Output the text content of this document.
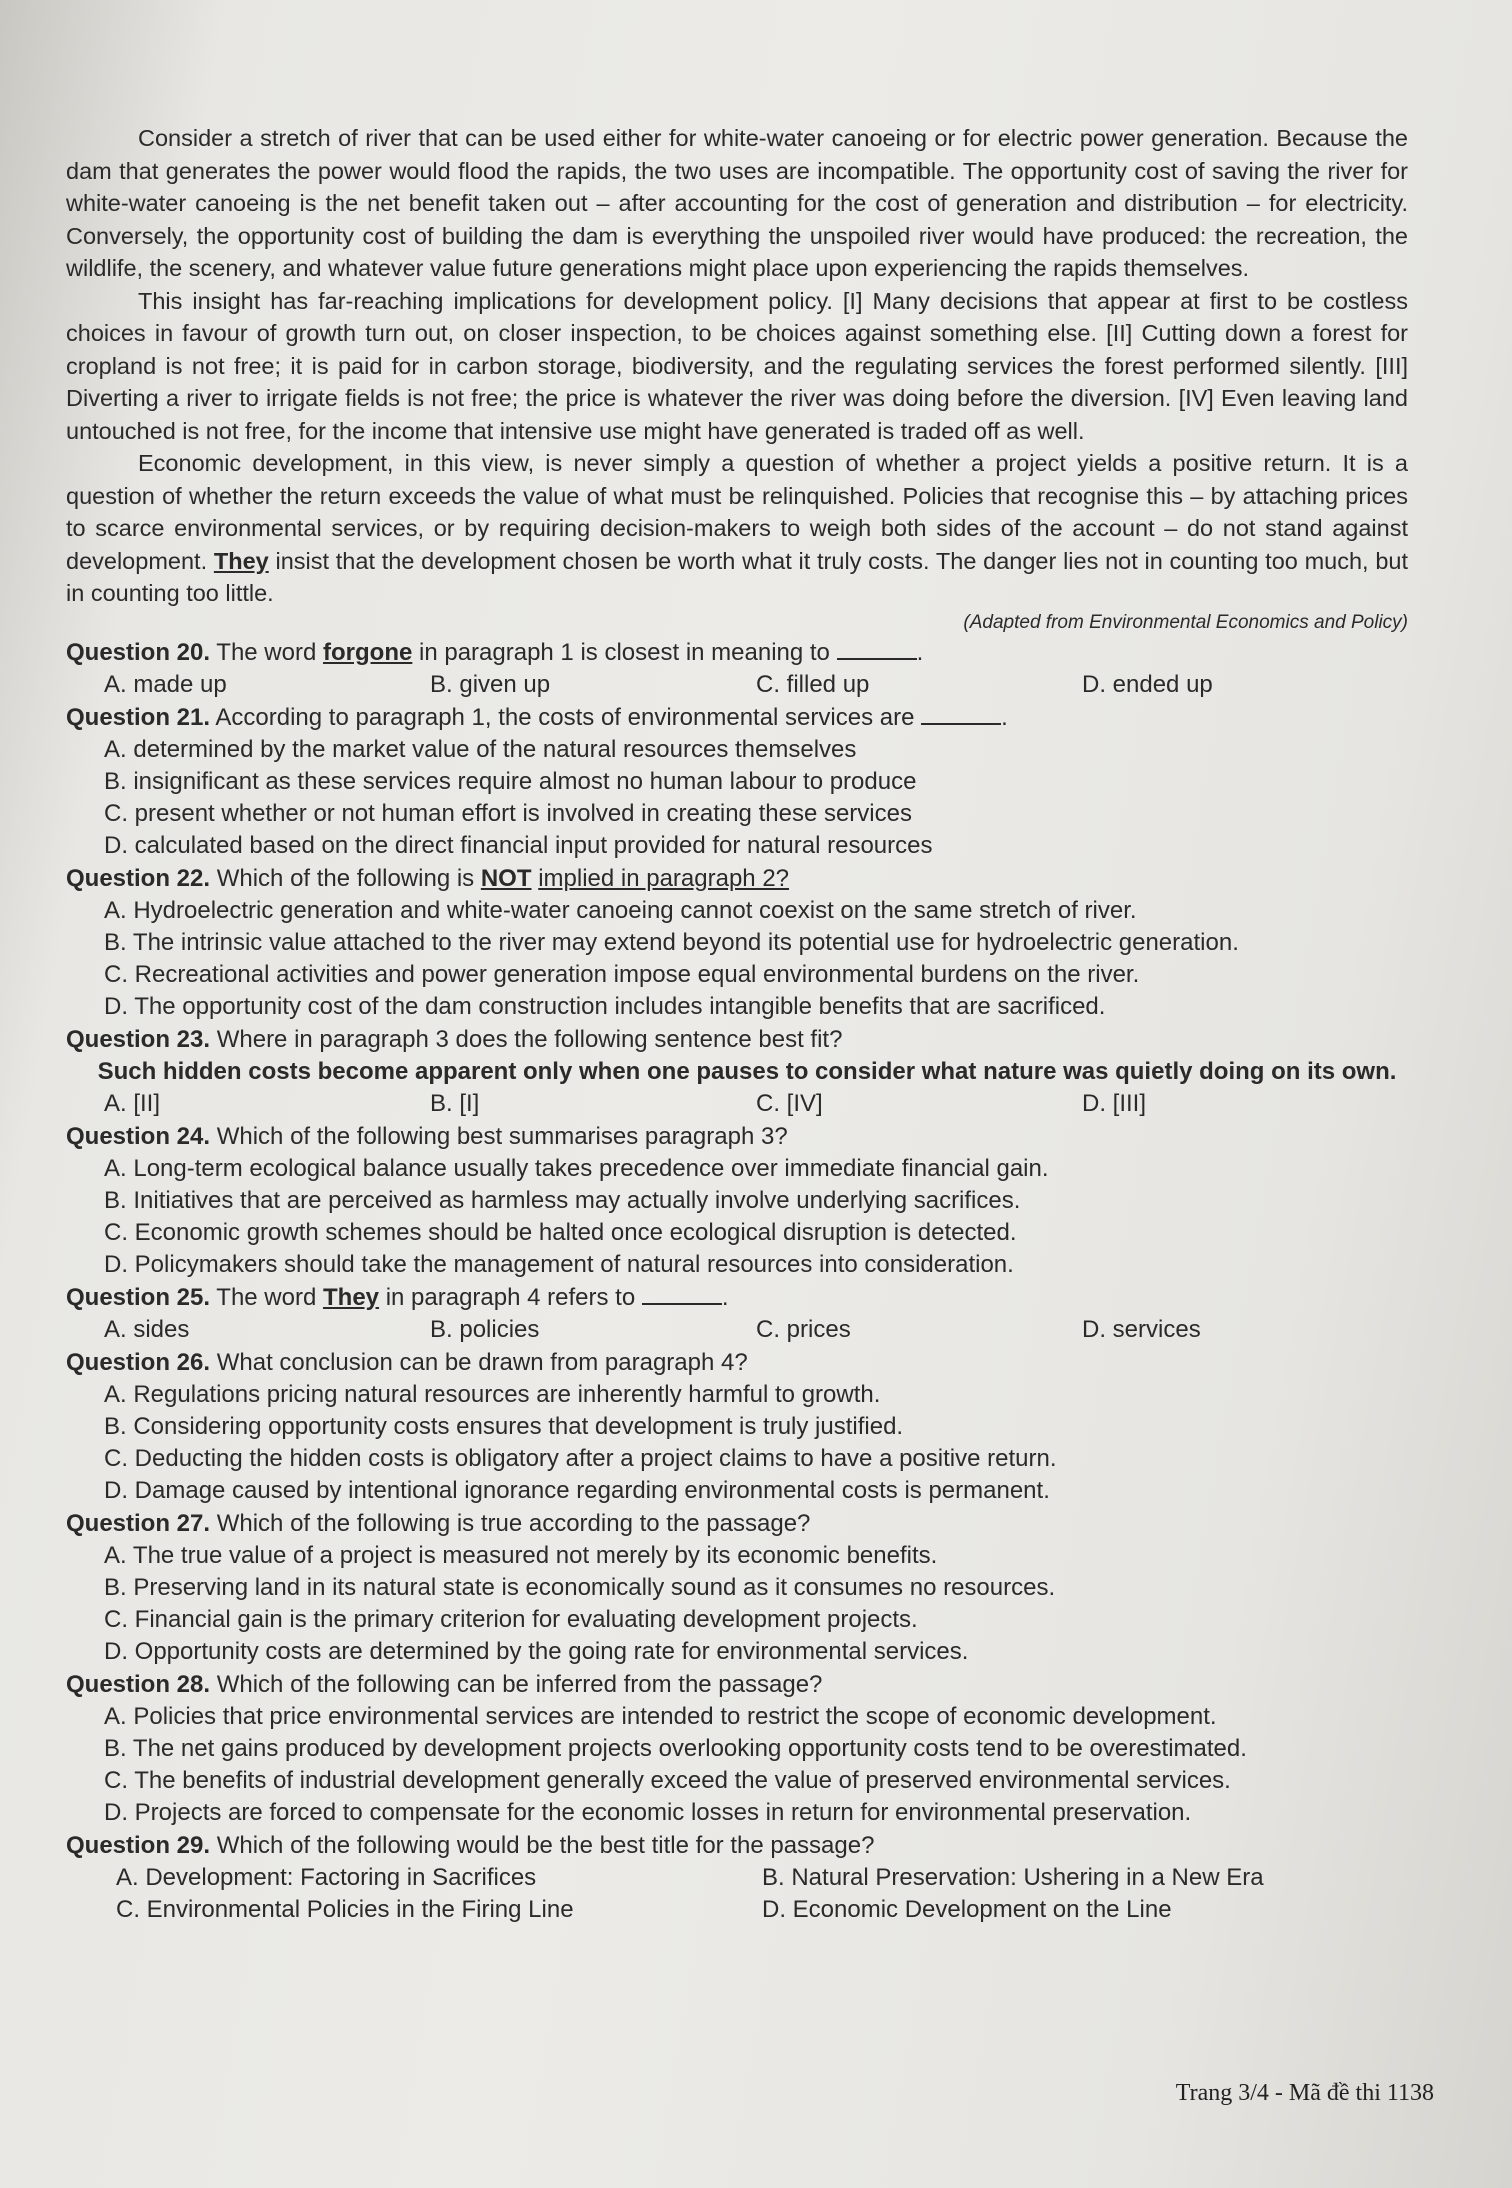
Consider a stretch of river that can be used either for white-water canoeing or for electric power generation. Because the dam that generates the power would flood the rapids, the two uses are incompatible. The opportunity cost of saving the river for white-water canoeing is the net benefit taken out – after accounting for the cost of generation and distribution – for electricity. Conversely, the opportunity cost of building the dam is everything the unspoiled river would have produced: the recreation, the wildlife, the scenery, and whatever value future generations might place upon experiencing the rapids themselves.

This insight has far-reaching implications for development policy. [I] Many decisions that appear at first to be costless choices in favour of growth turn out, on closer inspection, to be choices against something else. [II] Cutting down a forest for cropland is not free; it is paid for in carbon storage, biodiversity, and the regulating services the forest performed silently. [III] Diverting a river to irrigate fields is not free; the price is whatever the river was doing before the diversion. [IV] Even leaving land untouched is not free, for the income that intensive use might have generated is traded off as well.

Economic development, in this view, is never simply a question of whether a project yields a positive return. It is a question of whether the return exceeds the value of what must be relinquished. Policies that recognise this – by attaching prices to scarce environmental services, or by requiring decision-makers to weigh both sides of the account – do not stand against development. They insist that the development chosen be worth what it truly costs. The danger lies not in counting too much, but in counting too little.

(Adapted from Environmental Economics and Policy)

Question 20. The word forgone in paragraph 1 is closest in meaning to	.

A. made up	B. given up	C. filled up	D. ended up

Question 21. According to paragraph 1, the costs of environmental services are	.

A. determined by the market value of the natural resources themselves

B. insignificant as these services require almost no human labour to produce

C. present whether or not human effort is involved in creating these services

D. calculated based on the direct financial input provided for natural resources

Question 22. Which of the following is NOT implied in paragraph 2?

A. Hydroelectric generation and white-water canoeing cannot coexist on the same stretch of river.

B. The intrinsic value attached to the river may extend beyond its potential use for hydroelectric generation.

C. Recreational activities and power generation impose equal environmental burdens on the river.

D. The opportunity cost of the dam construction includes intangible benefits that are sacrificed.

Question 23. Where in paragraph 3 does the following sentence best fit?

Such hidden costs become apparent only when one pauses to consider what nature was quietly doing on its own.

A. [II]	B. [I]	C. [IV]	D. [III]

Question 24. Which of the following best summarises paragraph 3?

A. Long-term ecological balance usually takes precedence over immediate financial gain.

B. Initiatives that are perceived as harmless may actually involve underlying sacrifices.

C. Economic growth schemes should be halted once ecological disruption is detected.

D. Policymakers should take the management of natural resources into consideration.

Question 25. The word They in paragraph 4 refers to	.

A. sides	B. policies	C. prices	D. services

Question 26. What conclusion can be drawn from paragraph 4?

A. Regulations pricing natural resources are inherently harmful to growth.

B. Considering opportunity costs ensures that development is truly justified.

C. Deducting the hidden costs is obligatory after a project claims to have a positive return.

D. Damage caused by intentional ignorance regarding environmental costs is permanent.

Question 27. Which of the following is true according to the passage?

A. The true value of a project is measured not merely by its economic benefits.

B. Preserving land in its natural state is economically sound as it consumes no resources.

C. Financial gain is the primary criterion for evaluating development projects.

D. Opportunity costs are determined by the going rate for environmental services.

Question 28. Which of the following can be inferred from the passage?

A. Policies that price environmental services are intended to restrict the scope of economic development.

B. The net gains produced by development projects overlooking opportunity costs tend to be overestimated.

C. The benefits of industrial development generally exceed the value of preserved environmental services.

D. Projects are forced to compensate for the economic losses in return for environmental preservation.

Question 29. Which of the following would be the best title for the passage?

A. Development: Factoring in Sacrifices	B. Natural Preservation: Ushering in a New Era
C. Environmental Policies in the Firing Line	D. Economic Development on the Line
Trang 3/4 - Mã đề thi 1138
